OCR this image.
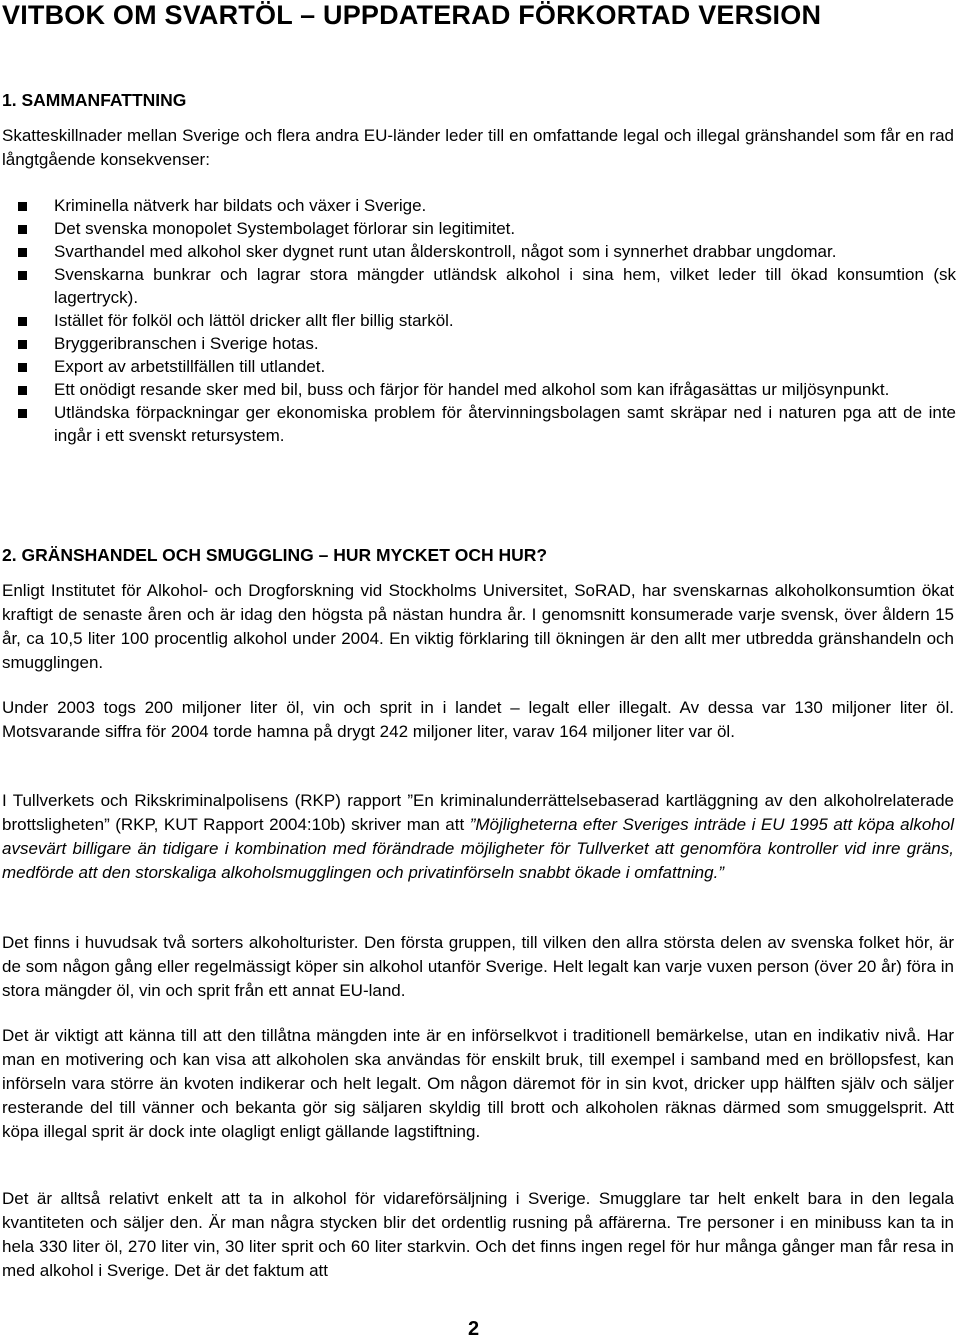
VITBOK OM SVARTÖL – UPPDATERAD FÖRKORTAD VERSION
1. SAMMANFATTNING

Skatteskillnader mellan Sverige och flera andra EU-länder leder till en omfattande legal och illegal gränshandel som får en rad långtgående konsekvenser:

Kriminella nätverk har bildats och växer i Sverige.
Det svenska monopolet Systembolaget förlorar sin legitimitet.
Svarthandel med alkohol sker dygnet runt utan ålderskontroll, något som i synnerhet drabbar ungdomar.
Svenskarna bunkrar och lagrar stora mängder utländsk alkohol i sina hem, vilket leder till ökad konsumtion (sk lagertryck).
Istället för folköl och lättöl dricker allt fler billig starköl.
Bryggeribranschen i Sverige hotas.
Export av arbetstillfällen till utlandet.
Ett onödigt resande sker med bil, buss och färjor för handel med alkohol som kan ifrågasättas ur miljösynpunkt.
Utländska förpackningar ger ekonomiska problem för återvinningsbolagen samt skräpar ned i naturen pga att de inte ingår i ett svenskt retursystem.
2. GRÄNSHANDEL OCH SMUGGLING – HUR MYCKET OCH HUR?

Enligt Institutet för Alkohol- och Drogforskning vid Stockholms Universitet, SoRAD, har svenskarnas alkoholkonsumtion ökat kraftigt de senaste åren och är idag den högsta på nästan hundra år. I genomsnitt konsumerade varje svensk, över åldern 15 år, ca 10,5 liter 100 procentlig alkohol under 2004. En viktig förklaring till ökningen är den allt mer utbredda gränshandeln och smugglingen.

Under 2003 togs 200 miljoner liter öl, vin och sprit in i landet – legalt eller illegalt. Av dessa var 130 miljoner liter öl. Motsvarande siffra för 2004 torde hamna på drygt 242 miljoner liter, varav 164 miljoner liter var öl.

I Tullverkets och Rikskriminalpolisens (RKP) rapport ”En kriminalunderrättelsebaserad kartläggning av den alkoholrelaterade brottsligheten” (RKP, KUT Rapport 2004:10b) skriver man att ”Möjligheterna efter Sveriges inträde i EU 1995 att köpa alkohol avsevärt billigare än tidigare i kombination med förändrade möjligheter för Tullverket att genomföra kontroller vid inre gräns, medförde att den storskaliga alkoholsmugglingen och privatinförseln snabbt ökade i omfattning.”

Det finns i huvudsak två sorters alkoholturister. Den första gruppen, till vilken den allra största delen av svenska folket hör, är de som någon gång eller regelmässigt köper sin alkohol utanför Sverige. Helt legalt kan varje vuxen person (över 20 år) föra in stora mängder öl, vin och sprit från ett annat EU-land.

Det är viktigt att känna till att den tillåtna mängden inte är en införselkvot i traditionell bemärkelse, utan en indikativ nivå. Har man en motivering och kan visa att alkoholen ska användas för enskilt bruk, till exempel i samband med en bröllopsfest, kan införseln vara större än kvoten indikerar och helt legalt. Om någon däremot för in sin kvot, dricker upp hälften själv och säljer resterande del till vänner och bekanta gör sig säljaren skyldig till brott och alkoholen räknas därmed som smuggelsprit. Att köpa illegal sprit är dock inte olagligt enligt gällande lagstiftning.

Det är alltså relativt enkelt att ta in alkohol för vidareförsäljning i Sverige. Smugglare tar helt enkelt bara in den legala kvantiteten och säljer den. Är man några stycken blir det ordentlig rusning på affärerna. Tre personer i en minibuss kan ta in hela 330 liter öl, 270 liter vin, 30 liter sprit och 60 liter starkvin. Och det finns ingen regel för hur många gånger man får resa in med alkohol i Sverige. Det är det faktum att

2
